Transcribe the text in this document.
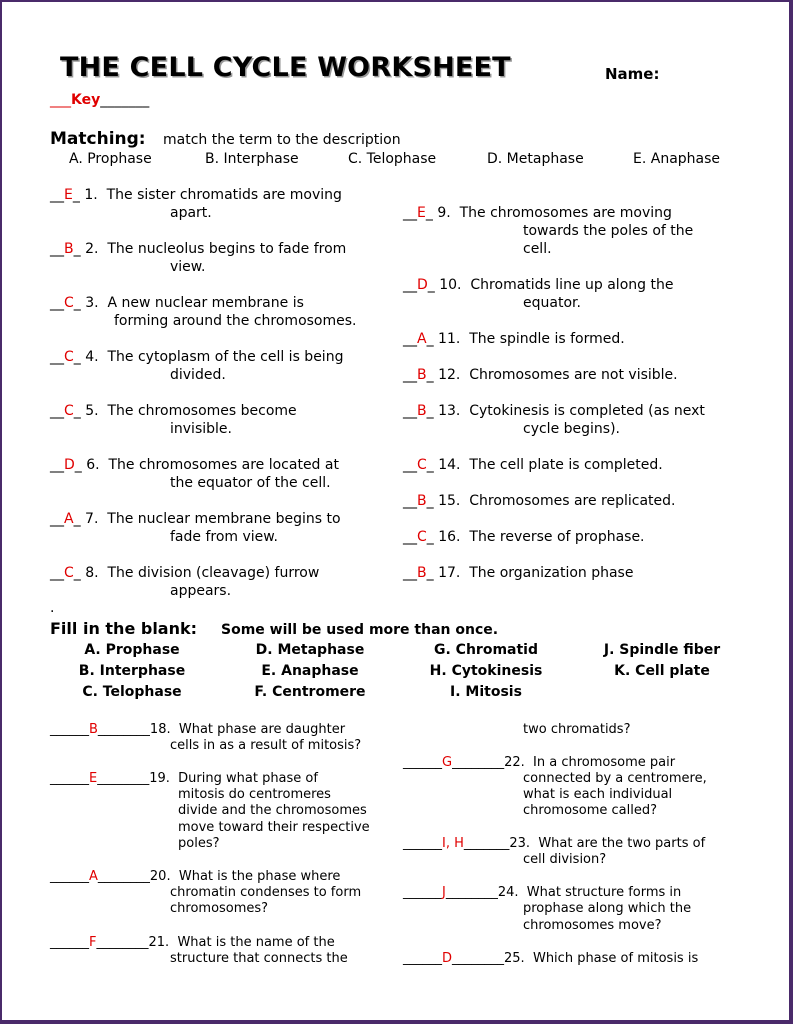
THE CELL CYCLE WORKSHEET	Name:
___Key_______
Matching: match the term to the description
A. Prophase	B. Interphase	C. Telophase	D. Metaphase	E. Anaphase
__E_ 1. The sister chromatids are moving
apart.
__B_ 2. The nucleolus begins to fade from
view.
__C_ 3. A new nuclear membrane is
forming around the chromosomes.
__C_ 4. The cytoplasm of the cell is being
divided.
__C_ 5. The chromosomes become
invisible.
__D_ 6. The chromosomes are located at
the equator of the cell.
__A_ 7. The nuclear membrane begins to
fade from view.
__C_ 8. The division (cleavage) furrow
appears.
.
__E_ 9. The chromosomes are moving
towards the poles of the
cell.
__D_ 10. Chromatids line up along the
equator.
__A_ 11. The spindle is formed.
__B_ 12. Chromosomes are not visible.
__B_ 13. Cytokinesis is completed (as next
cycle begins).
__C_ 14. The cell plate is completed.
__B_ 15. Chromosomes are replicated.
__C_ 16. The reverse of prophase.
__B_ 17. The organization phase
Fill in the blank: Some will be used more than once.
A. Prophase	D. Metaphase	G. Chromatid	J. Spindle fiber
B. Interphase	E. Anaphase	H. Cytokinesis	K. Cell plate
C. Telophase	F. Centromere	I. Mitosis
______B________18. What phase are daughter
cells in as a result of mitosis?
______E________19. During what phase of
mitosis do centromeres
divide and the chromosomes
move toward their respective
poles?
______A________20. What is the phase where
chromatin condenses to form
chromosomes?
______F________21. What is the name of the
structure that connects the
two chromatids?
______G________22. In a chromosome pair
connected by a centromere,
what is each individual
chromosome called?
______I, H_______23. What are the two parts of
cell division?
______J________24. What structure forms in
prophase along which the
chromosomes move?
______D________25. Which phase of mitosis is
